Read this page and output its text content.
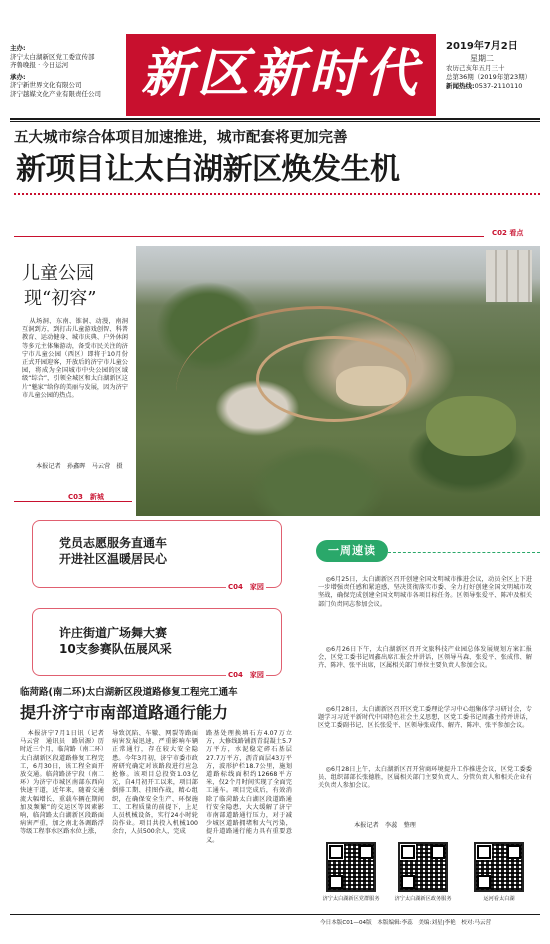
主办:
济宁太白湖新区党工委宣传部
齐鲁晚报 · 今日运河
承办:
济宁新世界文化有限公司
济宁越媒文化产业有限责任公司 新区新时代	2019年7月2日
星期二
农历己亥年五月三十
总第36期（2019年第23期）
新闻热线:0537-2110110
五大城市综合体项目加速推进，城市配套将更加完善
新项目让太白湖新区焕发生机
C02 看点
儿童公园
现“初容”

从场洞、东南、锥洞、动漫，南洞互洞到方，到打击儿童游戏创智、科普教育、运动健身、城市庆典、户外休闲等多元主体集游动，备受市民关注的济宁市儿童公园（西区）即将于10月份正式开园迎客，开放后的济宁市儿童公园，将成为全国城市中央公园的区域级“综合”，引领全城区和太白湖新区这片“魅家”给你的美丽与发展，因为济宁市儿童公园的热点。

本报记者　孙鑫晖　马云营　摄
C03　新城
党员志愿服务直通车
开进社区温暖居民心
C04　家园
许庄街道广场舞大赛
10支参赛队伍展风采
C04　家园
临菏路(南二环)太白湖新区段道路修复工程完工通车
提升济宁市南部道路通行能力

本报济宁7月1日讯（记者　马云营　通讯员　路居源）历时近三个月，临菏路（南二环）太白湖新区段道路修复工程完工，6月30日，该工程全面开放交通。临菏路济宁段（南二环）为济宁市城区南部东西向快速干道，近年来，随着交通流大幅增长、重载车辆在期间加及频繁”的交运区等因素影响，临菏路太白湖新区段路面病害严重，加之南北各调路浮等级工程事水区路水位上涨，

导致沉陷、车辙、网裂等路面病害发展迅速，严重影响车辆正常通行，存在较大安全隐患。今年3月初，济宁市委市政府研究确定对该路段进行应急抢修。该项目总投资1.03亿元，自4月初开工以来，项目部倒排工期、挂图作战，精心组织，在确保安全生产、环保施工、工程质量的前提下，上足人员机械设备，实行24小时轮岗作业。项目共投入机械100余台，人员500余人，完成

路基处理换填石方4.07万立方，大修线路铺沥青混凝土5.7万平方，水泥稳定碎石基层27.7万平方，沥青面层43万平方，波形护栏18.7公里，施划道路标线面积约12668平方米，仅2个月时间实现了全面完工通车。项目完成后，有效消除了临菏路太白湖区段道路通行安全隐患，大大缓解了济宁市南部道路通行压力，对于减少城区道路拥堵和大气污染，提升道路通行能力具有重要意义。

一周速读

◎6月25日，太白湖新区召开创建全国文明城市推进会议，动员全区上下进一步增强责任感和紧迫感，坚决贯彻落实市委、全力打好创建全国文明城市攻坚战，确保完成创建全国文明城市各项目标任务。区领导张爱平、陈冲及相关部门负责同志参加会议。

◎6月26日下午，太白湖新区召开文旅科技产业园总体发展规划方案汇报会，区党工委书记周鑫出席汇报会并讲话，区领导马森、张爱平、张成伟、解卉、陈冲、张平出席，区属相关部门单位主要负责人参加会议。

◎6月28日，太白湖新区召开区党工委理论学习中心组集体学习研讨会，专题学习习近平新时代中国特色社会主义思想，区党工委书记周鑫主持并讲话，区党工委副书记、区长张爱平、区领导张成伟、解卉、陈冲、张平参加会议。

◎6月28日上午，太白湖新区召开营商环境提升工作推进会议，区党工委委员、组织部部长张德胜，区属相关部门主要负责人、分管负责人和相关企业有关负责人参加会议。

本报记者　李蕊　整理
济宁太白湖新区党群服务	济宁太白湖新区政务服务	运河看太白湖
今日本版C01—04版　本版编辑:李蕊　美编:刘星|李艳　校对:马云营
